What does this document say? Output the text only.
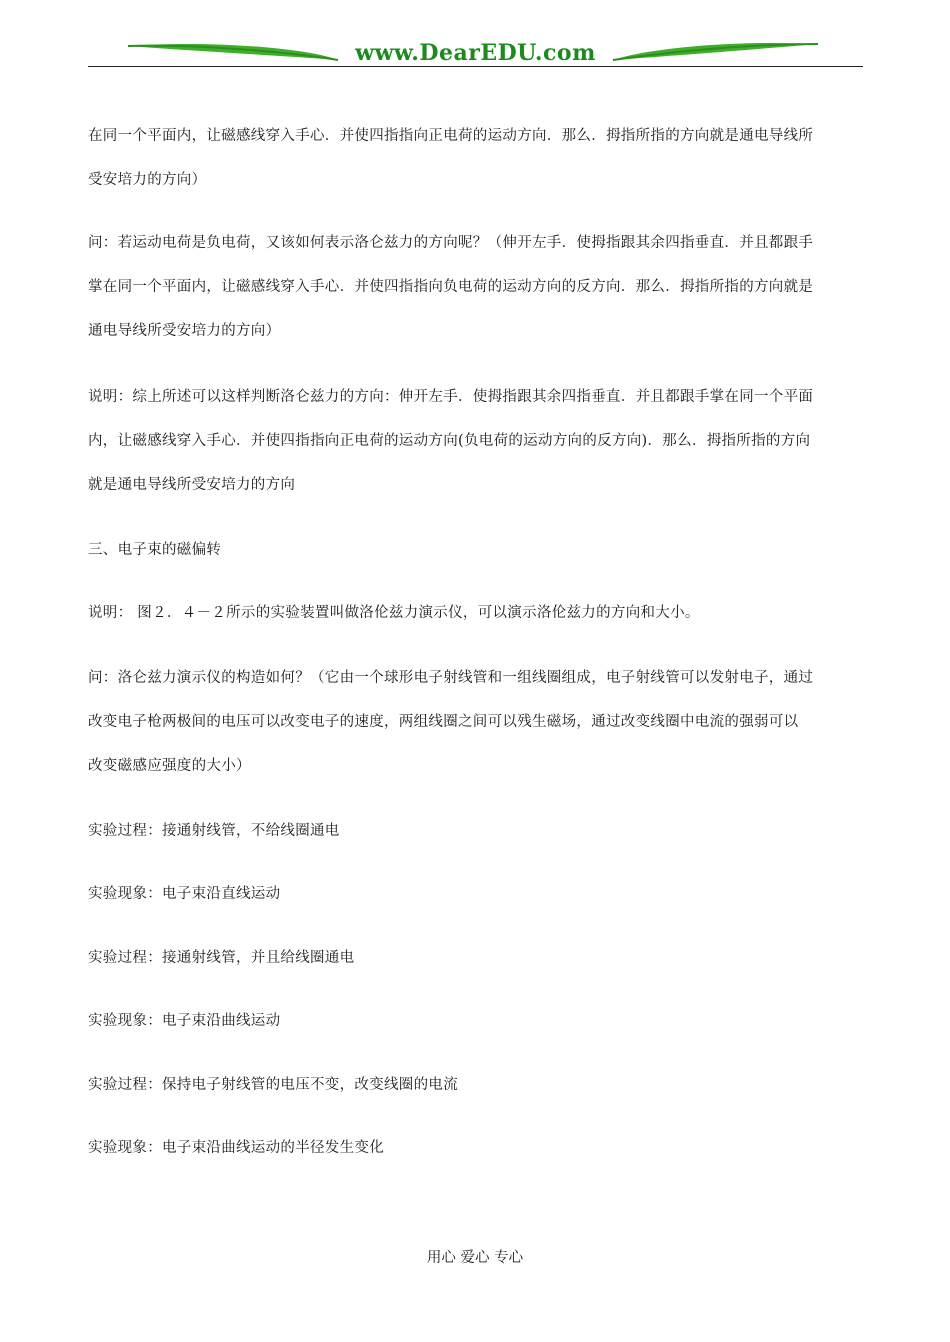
www.DearEDU.com
在同一个平面内，让磁感线穿入手心．并使四指指向正电荷的运动方向．那么．拇指所指的方向就是通电导线所
受安培力的方向）
问：若运动电荷是负电荷，又该如何表示洛仑兹力的方向呢？（伸开左手．使拇指跟其余四指垂直．并且都跟手
掌在同一个平面内，让磁感线穿入手心．并使四指指向负电荷的运动方向的反方向．那么．拇指所指的方向就是
通电导线所受安培力的方向）
说明：综上所述可以这样判断洛仑兹力的方向：伸开左手．使拇指跟其余四指垂直．并且都跟手掌在同一个平面
内，让磁感线穿入手心．并使四指指向正电荷的运动方向(负电荷的运动方向的反方向)．那么．拇指所指的方向
就是通电导线所受安培力的方向
三、电子束的磁偏转
说明： 图２．４－２所示的实验装置叫做洛伦兹力演示仪，可以演示洛伦兹力的方向和大小。
问：洛仑兹力演示仪的构造如何？（它由一个球形电子射线管和一组线圈组成，电子射线管可以发射电子，通过
改变电子枪两极间的电压可以改变电子的速度，两组线圈之间可以残生磁场，通过改变线圈中电流的强弱可以
改变磁感应强度的大小）
实验过程：接通射线管，不给线圈通电
实验现象：电子束沿直线运动
实验过程：接通射线管，并且给线圈通电
实验现象：电子束沿曲线运动
实验过程：保持电子射线管的电压不变，改变线圈的电流
实验现象：电子束沿曲线运动的半径发生变化
用心 爱心 专心
